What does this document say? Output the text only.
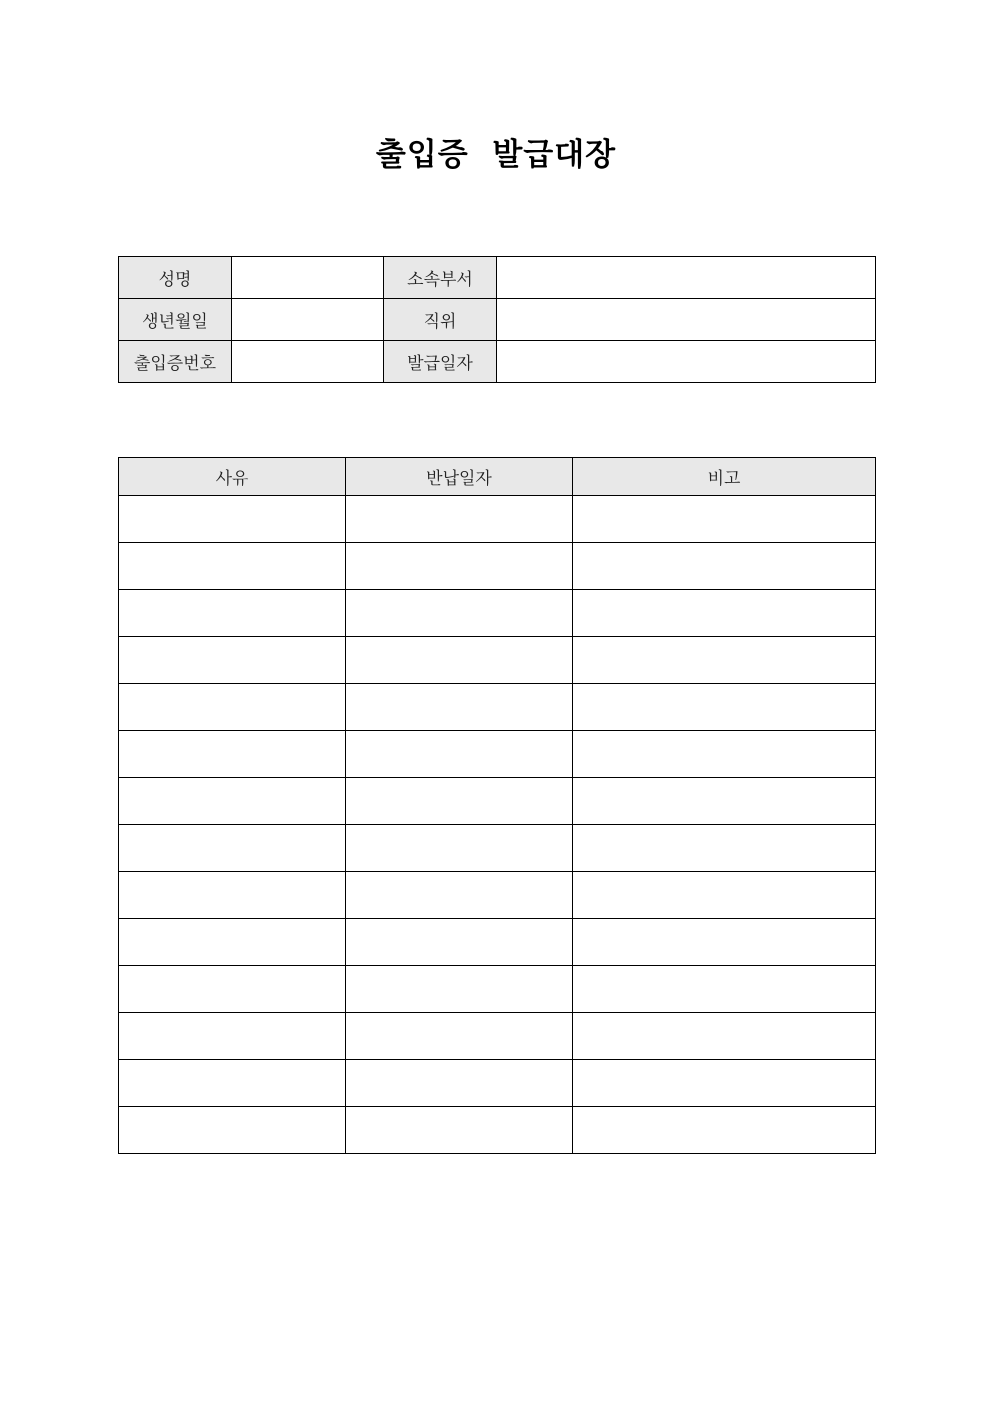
출입증  발급대장
성명		소속부서	
생년월일		직위	
출입증번호		발급일자	
사유	반납일자	비고
